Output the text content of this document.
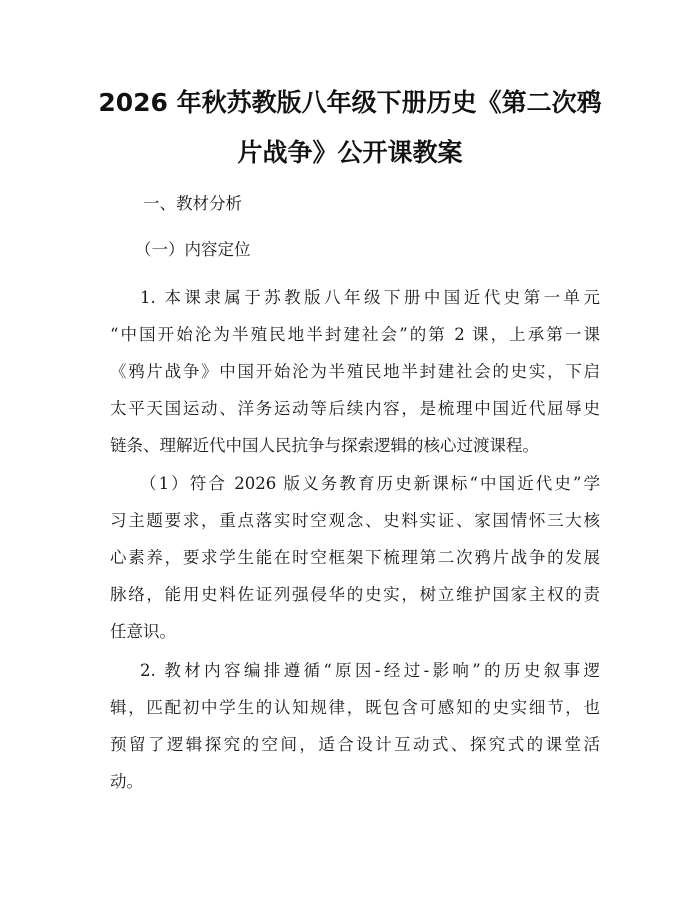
2026 年秋苏教版八年级下册历史《第二次鸦
片战争》公开课教案
一、教材分析
（一）内容定位
1. 本课隶属于苏教版八年级下册中国近代史第一单元
“中国开始沦为半殖民地半封建社会”的第 2 课，上承第一课
《鸦片战争》中国开始沦为半殖民地半封建社会的史实，下启
太平天国运动、洋务运动等后续内容，是梳理中国近代屈辱史
链条、理解近代中国人民抗争与探索逻辑的核心过渡课程。
（1）符合 2026 版义务教育历史新课标“中国近代史”学
习主题要求，重点落实时空观念、史料实证、家国情怀三大核
心素养，要求学生能在时空框架下梳理第二次鸦片战争的发展
脉络，能用史料佐证列强侵华的史实，树立维护国家主权的责
任意识。
2. 教材内容编排遵循“原因-经过-影响”的历史叙事逻
辑，匹配初中学生的认知规律，既包含可感知的史实细节，也
预留了逻辑探究的空间，适合设计互动式、探究式的课堂活
动。
